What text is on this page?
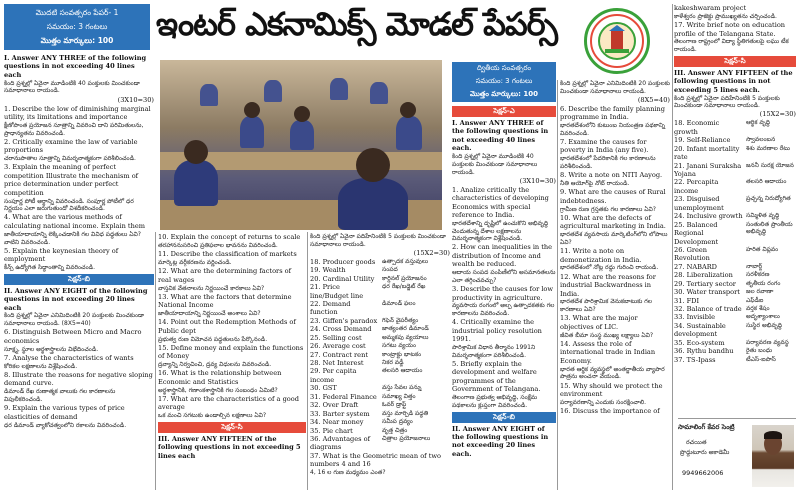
మొదటి సంవత్సరం పేపర్- 1
సమయం: 3 గంటలు
మొత్తం మార్కులు: 100	ఇంటర్ ఎకనామిక్స్ మోడల్ పేపర్స్
ద్వితీయ సంవత్సరం
సమయం: 3 గంటలు
మొత్తం మార్కులు: 100

I. Answer ANY THREE of the following questions in not exceeding 40 lines each

కింది ప్రశ్నల్లో ఏవైనా మూడింటికి 40 పంక్తులకు మించకుండా సమాధానాలు రాయండి.

(3X10=30)

1. Describe the low of diminishing marginal utility, its limitations and importance

క్షీణోపాంత ప్రయోజన సూత్రాన్ని వివరించి దాని పరిమితులను, ప్రాధాన్యతను వివరించండి.

2. Critically examine the law of variable proportions

చరానుపాతాల సూత్రాన్ని విమర్శనాత్మకంగా పరిశీలించండి.

3. Explain the meaning of perfect competition Illustrate the mechanism of price determination under perfect competition

సంపూర్ణ పోటీ అర్థాన్ని వివరించండి. సంపూర్ణ పోటీలో ధర నిర్ణయం ఎలా జరుగుతుందో విశదీకరించండి.

4. What are the various methods of calculating national income. Explain them

జాతీయాదాయాన్ని లెక్కించడానికి గల వివిధ పద్ధతులు ఏవి? వాటిని వివరించండి.

5. Explain the keynesian theory of employment

కీన్స్ ఉద్యోగిత సిద్ధాంతాన్ని వివరించండి.

సెక్షన్-బి

II. Answer ANY EIGHT of the following questions in not exceeding 20 lines each

కింది ప్రశ్నల్లో ఏవైనా ఎనిమిదింటికి 20 పంక్తులకు మించకుండా సమాధానాలు రాయండి. (8X5=40)

6. Distinguish Between Micro and Macro economics

సూక్ష్మ, స్థూల అర్థశాస్త్రాలను విభేదించండి.

7. Analyse the characteristics of wants

కోరికల లక్షణాలను విశ్లేషించండి.

8. Illustrate the reasons for negative sloping demand curve.

డిమాండ్ రేఖ రుణాత్మక వాలుకు గల కారణాలను విపులీకరించండి.

9. Explain the various types of price elasticities of demand

ధర డిమాండ్ వ్యాకోచత్వంలోని రకాలను వివరించండి.

10. Explain the concept of returns to scale

తరహాననుసరించి ప్రతిఫలాల భావనను వివరించండి.

11. Describe the classification of markets

మార్కెట్ల వర్గీకరణను వర్ణించండి.

12. What are the determining factors of real wages

వాస్తవిక వేతనాలను నిర్ణయించే కారకాలు ఏవి?

13. What are the factors that determine National Income

జాతీయాదాయాన్ని నిర్ణయించే అంశాలు ఏవి?

14. Point out the Redemption Methods of Public dept

ప్రభుత్వ రుణ విమోచన పద్ధతులను పేర్కొనండి.

15. Define money and explain the functions of Money

ద్రవ్యాన్ని నిర్వచించి, ద్రవ్య విధులను వివరించండి.

16. What is the relationship between Economic and Statistics

అర్థశాస్త్రానికి, గణాంకశాస్త్రానికి గల సంబంధం ఏమిటి?

17. What are the characteristics of a good average

ఒక మంచి సగటుకు ఉండాల్సిన లక్షణాలు ఏవి?

సెక్షన్-సి

III. Answer ANY FIFTEEN of the following questions in not exceeding 5 lines each

కింది ప్రశ్నల్లో ఏవైనా పదిహేనింటికి 5 పంక్తులకు మించకుండా సమాధానాలు రాయండి.

(15X2=30)

18. Producer goods	ఉత్పాదక వస్తువులు
19. Wealth	సంపద
20. Cardinal Utility	కార్డినల్ ప్రయోజనం
21. Price line/Budget line
ధర రేఖ/బడ్జెట్ రేఖ
22. Demand function
డిమాండ్ ఫలం
23. Giffen's paradox గిఫెన్ వైపరీత్యం
24. Cross Demand	జాత్యంతర డిమాండ్
25. Selling cost	అమ్మకపు వ్యయాలు
26. Average cost	సగటు వ్యయం
27. Contract rent	కాంట్రాక్టు భాటకం
28. Net Interest	నికర వడ్డీ
29. Per capita income
తలసరి ఆదాయం
30. GST	వస్తు సేవల పన్ను
31. Federal Finance సమాఖ్య విత్తం
32. Over Draft	ఓవర్ డ్రాఫ్ట్
33. Barter system	వస్తు మార్పిడి పద్ధతి
34. Near money	సమీప ద్రవ్యం
35. Pie chart	వృత్త చిత్రం
36. Advantages of diagrams
చిత్రాల ప్రయోజనాలు

37. What is the Geometric mean of two numbers 4 and 16

4, 16 ల గుణ మధ్యమం ఎంత?

సెక్షన్-ఎ

I. Answer ANY THREE of the following questions in not exceeding 40 lines each.

కింది ప్రశ్నల్లో ఏవైనా మూడింటికి 40 పంక్తులకు మించకుండా సమాధానాలు రాయండి.

(3X10=30)

1. Analize critically the characteristics of developing Economics with special reference to India.

భారతదేశాన్ని దృష్టిలో ఉంచుకొని అభివృద్ధి చెందుతున్న దేశాల లక్షణాలను విమర్శనాత్మకంగా విశ్లేషించండి.

2. How can inequalities in the distribution of Income and wealth be reduced.

ఆదాయ సంపద పంపిణీలోని అసమానతలను ఎలా తగ్గించవచ్చు?

3. Describe the causes for low productivity in agriculture.

వ్యవసాయ రంగంలో అల్ప ఉత్పాదకతకు గల కారణాలను వివరించండి.

4. Critically examine the industrial policy resolution 1991.

పారిశ్రామిక విధాన తీర్మానం 1991ని విమర్శనాత్మకంగా పరిశీలించండి.

5. Briefly explain the development and welfare programmes of the Government of Telangana.

తెలంగాణ ప్రభుత్వ అభివృద్ధి, సంక్షేమ పథకాలను క్లుప్తంగా వివరించండి.

సెక్షన్-బి

II. Answer ANY EIGHT of the following questions in not exceeding 20 lines each.

కింది ప్రశ్నల్లో ఏవైనా ఎనిమిదింటికి 20 పంక్తులకు మించకుండా సమాధానాలు రాయండి.

(8X5=40)

6. Describe the family planning programme in India.

భారతదేశంలోని కుటుంబ నియంత్రణ పథకాన్ని వివరించండి.

7. Examine the causes for poverty in India (any five).

భారతదేశంలో పేదరికానికి గల కారణాలను పరిశీలించండి.

8. Write a note on NITI Aayog.

నీతి ఆయోగ్‌పై నోట్ రాయండి.

9. What are the causes of Rural indebtedness.

గ్రామీణ రుణ గ్రస్తతకు గల కారణాలు ఏవి?

10. What are the defects of agricultural marketing in India.

భారతదేశ వ్యవసాయ మార్కెటింగ్‌లోని లోపాలు ఏవి?

11. Write a note on demonetization in India.

భారతదేశంలో నోట్ల రద్దు గురించి రాయండి.

12. What are the reasons for industrial Backwardness in India.

భారతదేశ పారిశ్రామిక వెనుకబాటుకు గల కారణాలు ఏవి?

13. What are the major objectives of LIC.

జీవిత బీమా సంస్థ ముఖ్య లక్ష్యాలు ఏవి?

14. Assess the role of international trade in Indian Economy.

భారత ఆర్థిక వ్యవస్థలో అంతర్జాతీయ వ్యాపార పాత్రను అంచనా వేయండి.

15. Why should we protect the environment

పర్యావరణాన్ని ఎందుకు సంరక్షించాలి.

16. Discuss the importance of

kakeshwaram project

కాళేశ్వరం ప్రాజెక్టు ప్రాముఖ్యతను చర్చించండి.

17. Write brief note on education profile of the Telangana State.

తెలంగాణ రాష్ట్రంలో విద్యా స్థితిగతులపై లఘు టీక రాయండి.

సెక్షన్-సి

III. Answer ANY FIFTEEN of the following questions in not exceeding 5 lines each.

కింది ప్రశ్నల్లో ఏవైనా పదిహేనింటికి 5 పంక్తులకు మించకుండా సమాధానాలు రాయండి.

(15X2=30)

18. Economic growth
ఆర్థిక వృద్ధి
19. Self-Reliance	స్వావలంబన
20. Infant mortality rate
శిశు మరణాల రేటు
21. Janani Suraksha Yojana
జననీ సురక్ష యోజన
22. Percapita income
తలసరి ఆదాయం
23. Disguised unemployment
ప్రచ్ఛన్న నిరుద్యోగిత
24. Inclusive growth సమ్మిళిత వృద్ధి
25. Balanced Regional Development
సంతులిత ప్రాంతీయ అభివృద్ధి
26. Green Revolution
హరిత విప్లవం
27. NABARD	నాబార్డ్
28. Liberalization	సరళీకరణ
29. Tertiary sector	తృతీయ రంగం
30. Water transport	జల రవాణా
31. FDI	ఎఫ్‌డీఐ
32. Balance of trade వర్తక శేషం
33. Invisible	అదృశ్యాంశాలు
34. Sustainable development
సుస్థిర అభివృద్ధి
35. Eco-system	పర్యావరణ వ్యవస్థ
36. Rythu bandhu	రైతు బంధు
37. TS-Ipass	టీఎస్-ఐపాస్
సామాలింగ్ కేవర సెంట్రి
రచయిత
ప్రొద్దుటూరు అకాడెమీ
9949662006
